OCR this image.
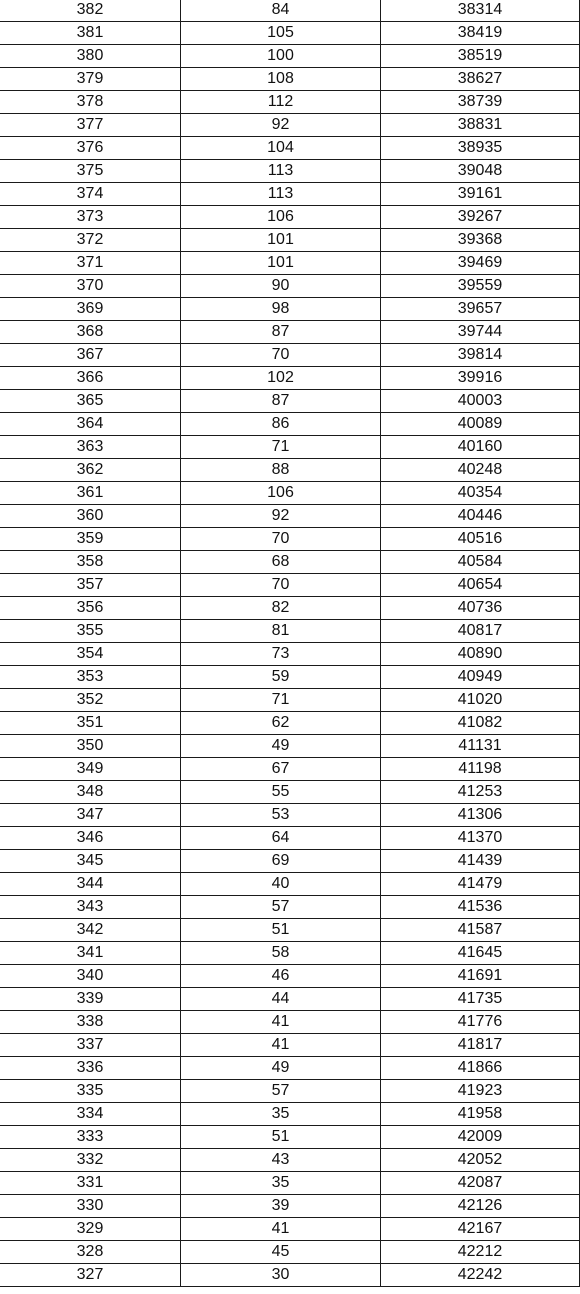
382	84	38314
381	105	38419
380	100	38519
379	108	38627
378	112	38739
377	92	38831
376	104	38935
375	113	39048
374	113	39161
373	106	39267
372	101	39368
371	101	39469
370	90	39559
369	98	39657
368	87	39744
367	70	39814
366	102	39916
365	87	40003
364	86	40089
363	71	40160
362	88	40248
361	106	40354
360	92	40446
359	70	40516
358	68	40584
357	70	40654
356	82	40736
355	81	40817
354	73	40890
353	59	40949
352	71	41020
351	62	41082
350	49	41131
349	67	41198
348	55	41253
347	53	41306
346	64	41370
345	69	41439
344	40	41479
343	57	41536
342	51	41587
341	58	41645
340	46	41691
339	44	41735
338	41	41776
337	41	41817
336	49	41866
335	57	41923
334	35	41958
333	51	42009
332	43	42052
331	35	42087
330	39	42126
329	41	42167
328	45	42212
327	30	42242
